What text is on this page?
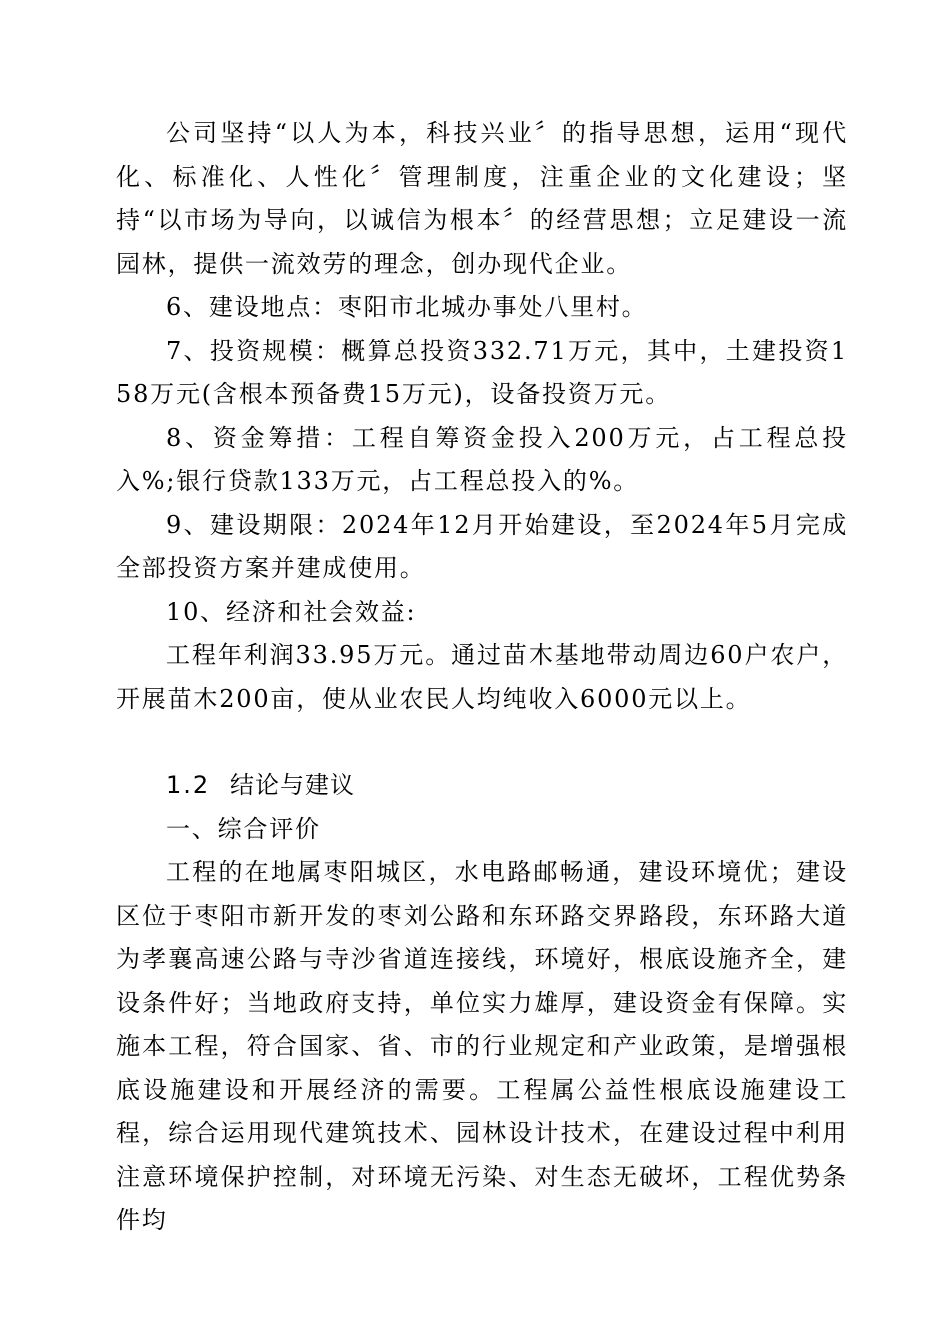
公司坚持“以人为本，科技兴业〞的指导思想，运用“现代化、标准化、人性化〞管理制度，注重企业的文化建设；坚持“以市场为导向，以诚信为根本〞的经营思想；立足建设一流园林，提供一流效劳的理念，创办现代企业。

6、建设地点：枣阳市北城办事处八里村。

7、投资规模：概算总投资332.71万元，其中，土建投资158万元(含根本预备费15万元)，设备投资万元。

8、资金筹措：工程自筹资金投入200万元，占工程总投入%;银行贷款133万元，占工程总投入的%。

9、建设期限：2024年12月开始建设，至2024年5月完成全部投资方案并建成使用。

10、经济和社会效益:

工程年利润33.95万元。通过苗木基地带动周边60户农户，开展苗木200亩，使从业农民人均纯收入6000元以上。

1.2 结论与建议

一、综合评价

工程的在地属枣阳城区，水电路邮畅通，建设环境优；建设区位于枣阳市新开发的枣刘公路和东环路交界路段，东环路大道为孝襄高速公路与寺沙省道连接线，环境好，根底设施齐全，建设条件好；当地政府支持，单位实力雄厚，建设资金有保障。实施本工程，符合国家、省、市的行业规定和产业政策，是增强根底设施建设和开展经济的需要。工程属公益性根底设施建设工程，综合运用现代建筑技术、园林设计技术，在建设过程中利用注意环境保护控制，对环境无污染、对生态无破坏，工程优势条件均
